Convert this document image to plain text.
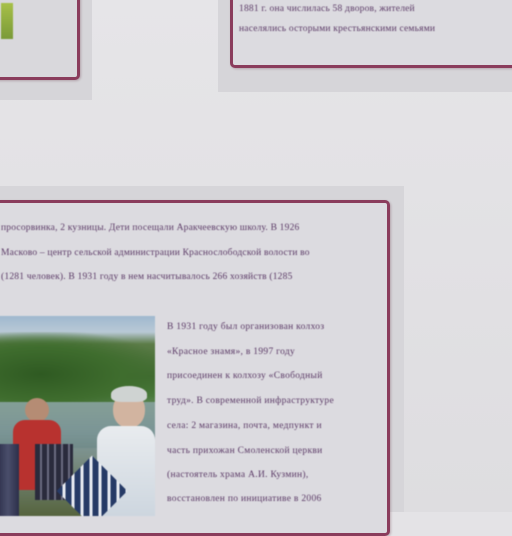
1881 г. она числилась 58 дворов, жителей
населялись осторыми крестьянскими семьями
просорвинка, 2 кузницы. Дети посещали Аракчеевскую школу. В 1926
Масково – центр сельской администрации Краснослободской волости во
(1281 человек). В 1931 году в нем насчитывалось 266 хозяйств (1285
В 1931 году был организован колхоз
«Красное знамя», в 1997 году
присоединен к колхозу «Свободный
труд». В современной инфраструктуре
села: 2 магазина, почта, медпункт и
часть прихожан Смоленской церкви
(настоятель храма А.И. Кузмин),
восстановлен по инициативе в 2006
